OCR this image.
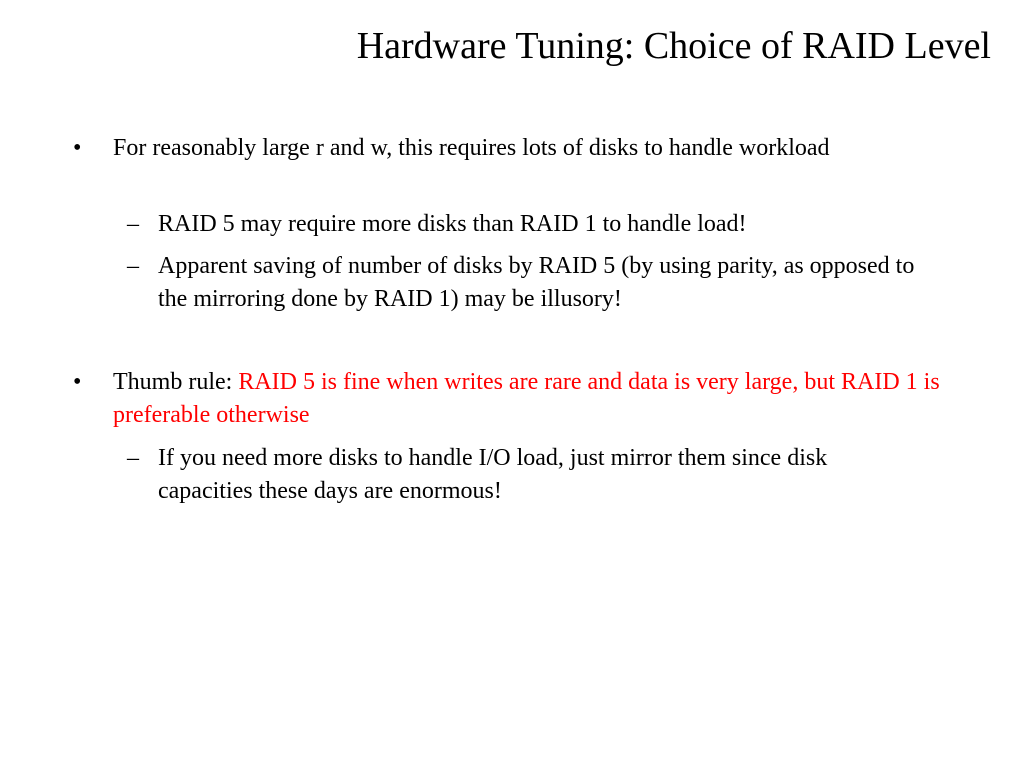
Hardware Tuning: Choice of RAID Level
• For reasonably large r and w, this requires lots of disks to handle workload
– RAID 5 may require more disks than RAID 1 to handle load!
– Apparent saving of number of disks by RAID 5 (by using parity, as opposed to the mirroring done by RAID 1) may be illusory!
• Thumb rule: RAID 5 is fine when writes are rare and data is very large, but RAID 1 is preferable otherwise
– If you need more disks to handle I/O load, just mirror them since disk capacities these days are enormous!
